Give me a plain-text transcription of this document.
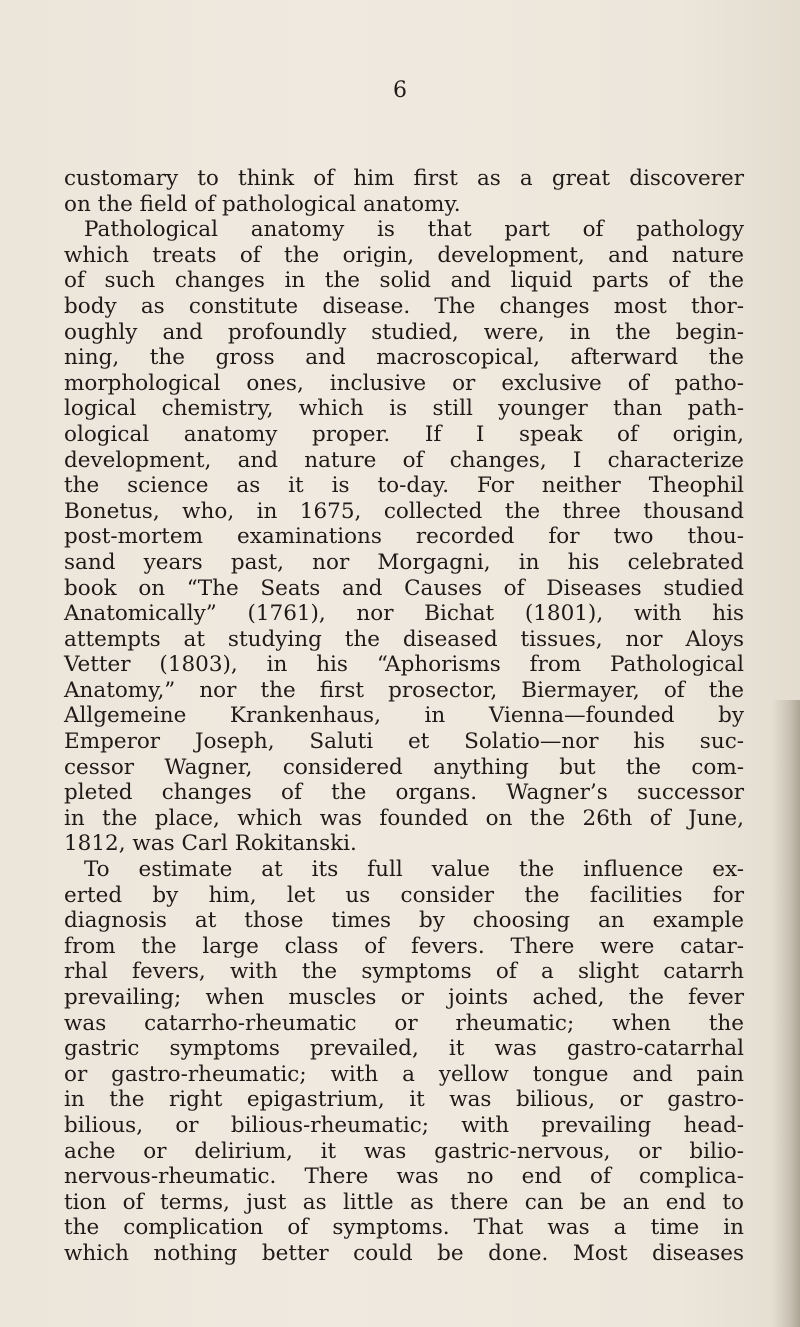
6
customary to think of him first as a great discoverer
on the field of pathological anatomy.
Pathological anatomy is that part of pathology
which treats of the origin, development, and nature
of such changes in the solid and liquid parts of the
body as constitute disease. The changes most thor-
oughly and profoundly studied, were, in the begin-
ning, the gross and macroscopical, afterward the
morphological ones, inclusive or exclusive of patho-
logical chemistry, which is still younger than path-
ological anatomy proper. If I speak of origin,
development, and nature of changes, I characterize
the science as it is to-day. For neither Theophil
Bonetus, who, in 1675, collected the three thousand
post-mortem examinations recorded for two thou-
sand years past, nor Morgagni, in his celebrated
book on “The Seats and Causes of Diseases studied
Anatomically” (1761), nor Bichat (1801), with his
attempts at studying the diseased tissues, nor Aloys
Vetter (1803), in his “Aphorisms from Pathological
Anatomy,” nor the first prosector, Biermayer, of the
Allgemeine Krankenhaus, in Vienna—founded by
Emperor Joseph, Saluti et Solatio—nor his suc-
cessor Wagner, considered anything but the com-
pleted changes of the organs. Wagner’s successor
in the place, which was founded on the 26th of June,
1812, was Carl Rokitanski.
To estimate at its full value the influence ex-
erted by him, let us consider the facilities for
diagnosis at those times by choosing an example
from the large class of fevers. There were catar-
rhal fevers, with the symptoms of a slight catarrh
prevailing; when muscles or joints ached, the fever
was catarrho-rheumatic or rheumatic; when the
gastric symptoms prevailed, it was gastro-catarrhal
or gastro-rheumatic; with a yellow tongue and pain
in the right epigastrium, it was bilious, or gastro-
bilious, or bilious-rheumatic; with prevailing head-
ache or delirium, it was gastric-nervous, or bilio-
nervous-rheumatic. There was no end of complica-
tion of terms, just as little as there can be an end to
the complication of symptoms. That was a time in
which nothing better could be done. Most diseases
